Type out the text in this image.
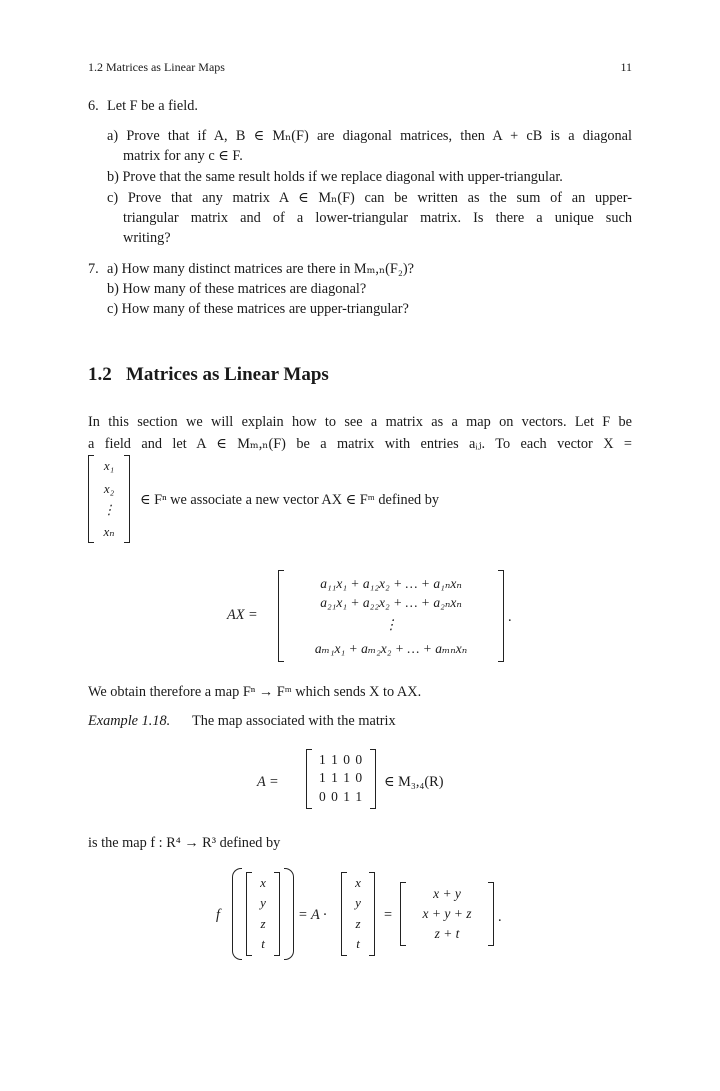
1.2 Matrices as Linear Maps	11
6. Let F be a field.
a) Prove that if A, B ∈ Mₙ(F) are diagonal matrices, then A + cB is a diagonal
matrix for any c ∈ F.
b) Prove that the same result holds if we replace diagonal with upper-triangular.
c) Prove that any matrix A ∈ Mₙ(F) can be written as the sum of an upper-
triangular matrix and of a lower-triangular matrix. Is there a unique such
writing?
7. a) How many distinct matrices are there in Mₘ,ₙ(F₂)?
b) How many of these matrices are diagonal?
c) How many of these matrices are upper-triangular?
1.2   Matrices as Linear Maps
In this section we will explain how to see a matrix as a map on vectors. Let F be
a field and let A ∈ Mₘ,ₙ(F) be a matrix with entries aᵢⱼ. To each vector X =
x₁
x₂
⋮
xₙ
∈ Fⁿ we associate a new vector AX ∈ Fᵐ defined by
AX =
a₁₁x₁ + a₁₂x₂ + … + a₁ₙxₙ
a₂₁x₁ + a₂₂x₂ + … + a₂ₙxₙ
⋮
aₘ₁x₁ + aₘ₂x₂ + … + aₘₙxₙ
.
We obtain therefore a map Fⁿ → Fᵐ which sends X to AX.
Example 1.18. The map associated with the matrix
A =
1 1 0 0
1 1 1 0
0 0 1 1
∈ M₃,₄(R)
is the map f : R⁴ → R³ defined by
f
x
y
z
t
= A ·
x
y
z
t
=
x + y
x + y + z
z + t
.
